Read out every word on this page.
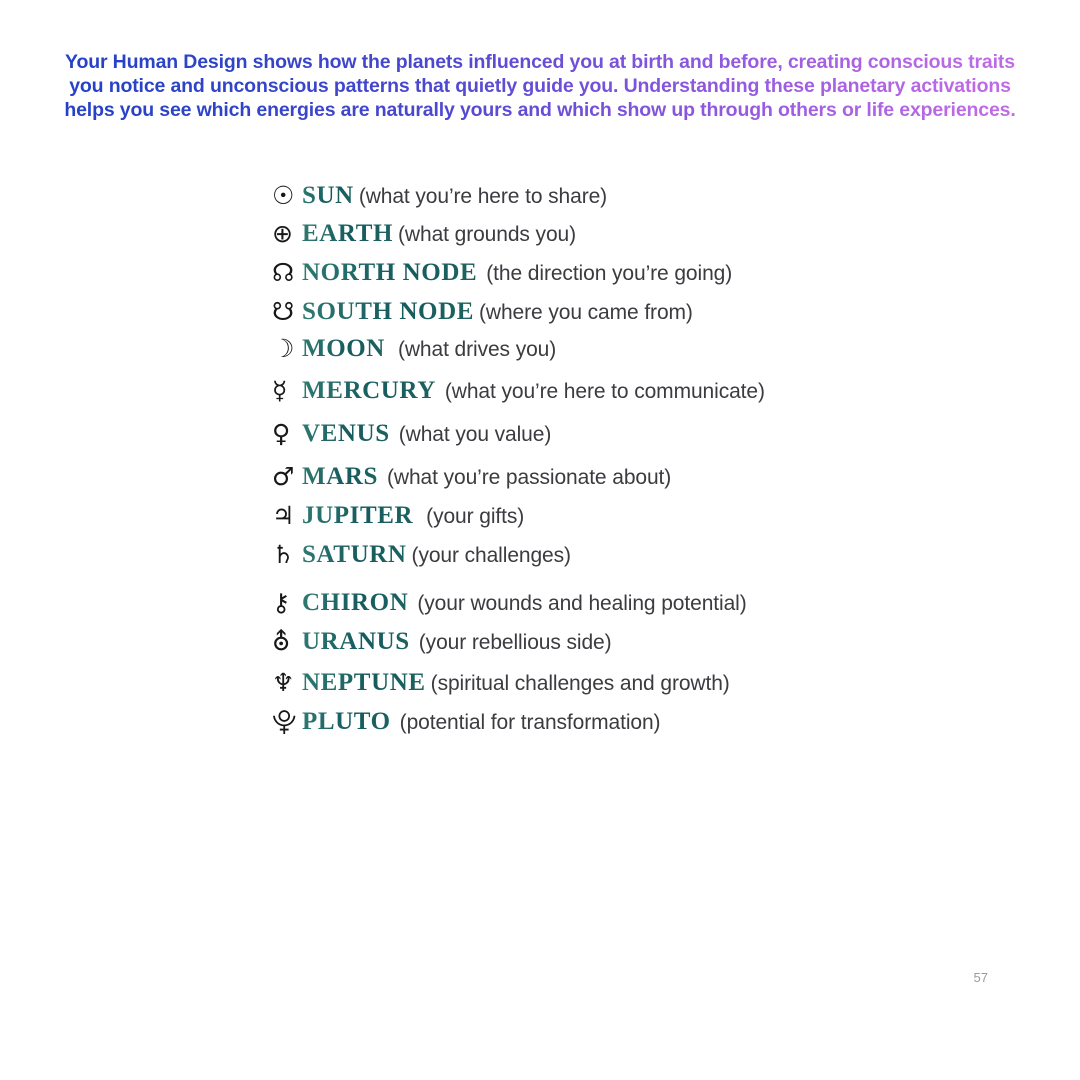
Your Human Design shows how the planets influenced you at birth and before, creating conscious traits you notice and unconscious patterns that quietly guide you. Understanding these planetary activations helps you see which energies are naturally yours and which show up through others or life experiences.
☉ SUN (what you’re here to share)
⊕ EARTH (what grounds you)
☊ NORTH NODE (the direction you’re going)
☋ SOUTH NODE (where you came from)
☽ MOON (what drives you)
☿ MERCURY (what you’re here to communicate)
♀ VENUS (what you value)
♂ MARS (what you’re passionate about)
♃ JUPITER (your gifts)
♄ SATURN (your challenges)
⚷ CHIRON (your wounds and healing potential)
⛢ URANUS (your rebellious side)
♆ NEPTUNE (spiritual challenges and growth)
⯓ PLUTO (potential for transformation)
57
